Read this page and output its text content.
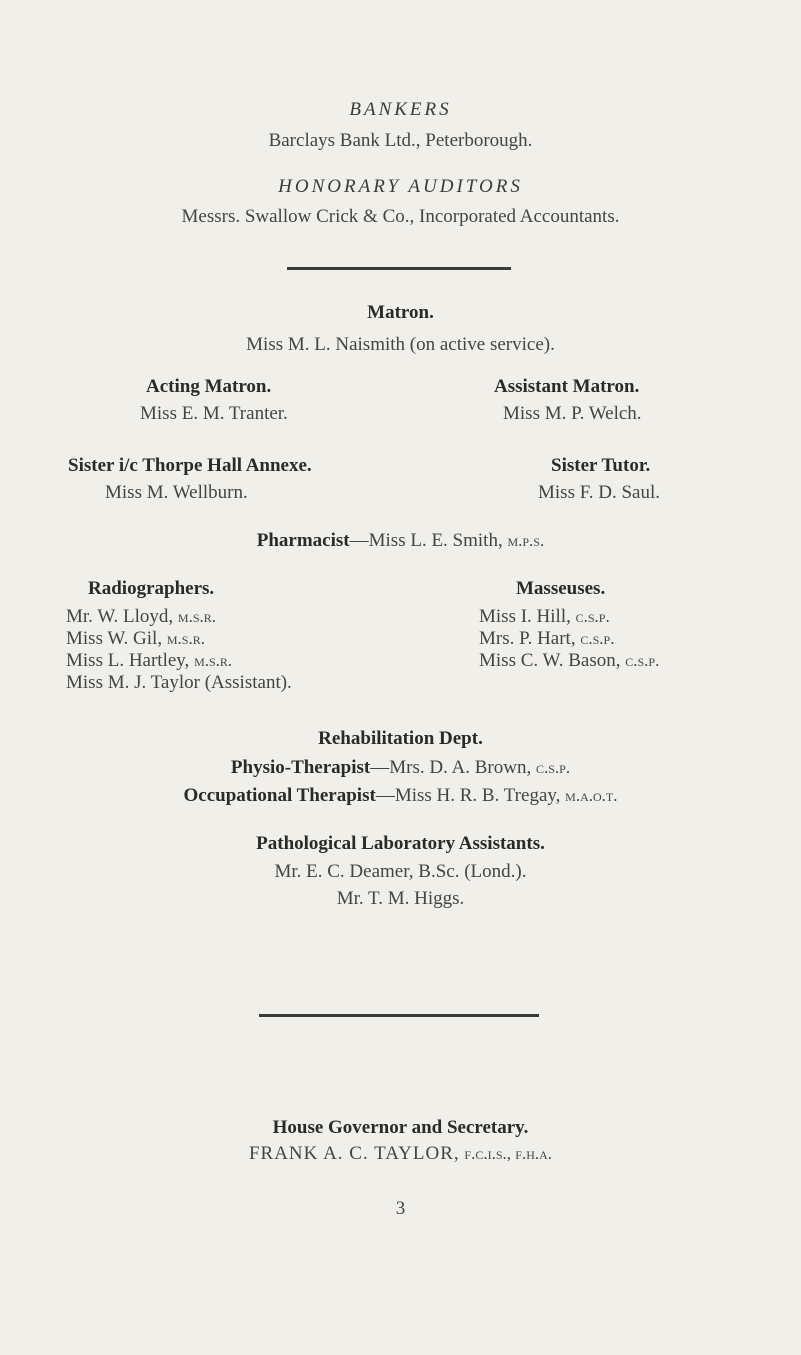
BANKERS
Barclays Bank Ltd., Peterborough.
HONORARY AUDITORS
Messrs. Swallow Crick & Co., Incorporated Accountants.
Matron.
Miss M. L. Naismith (on active service).
Acting Matron.
Miss E. M. Tranter.
Assistant Matron.
Miss M. P. Welch.
Sister i/c Thorpe Hall Annexe.
Miss M. Wellburn.
Sister Tutor.
Miss F. D. Saul.
Pharmacist—Miss L. E. Smith, m.p.s.
Radiographers.
Mr. W. Lloyd, m.s.r.
Miss W. Gil, m.s.r.
Miss L. Hartley, m.s.r.
Miss M. J. Taylor (Assistant).
Masseuses.
Miss I. Hill, c.s.p.
Mrs. P. Hart, c.s.p.
Miss C. W. Bason, c.s.p.
Rehabilitation Dept.
Physio-Therapist—Mrs. D. A. Brown, c.s.p.
Occupational Therapist—Miss H. R. B. Tregay, m.a.o.t.
Pathological Laboratory Assistants.
Mr. E. C. Deamer, B.Sc. (Lond.).
Mr. T. M. Higgs.
House Governor and Secretary.
FRANK A. C. TAYLOR, f.c.i.s., f.h.a.
3
